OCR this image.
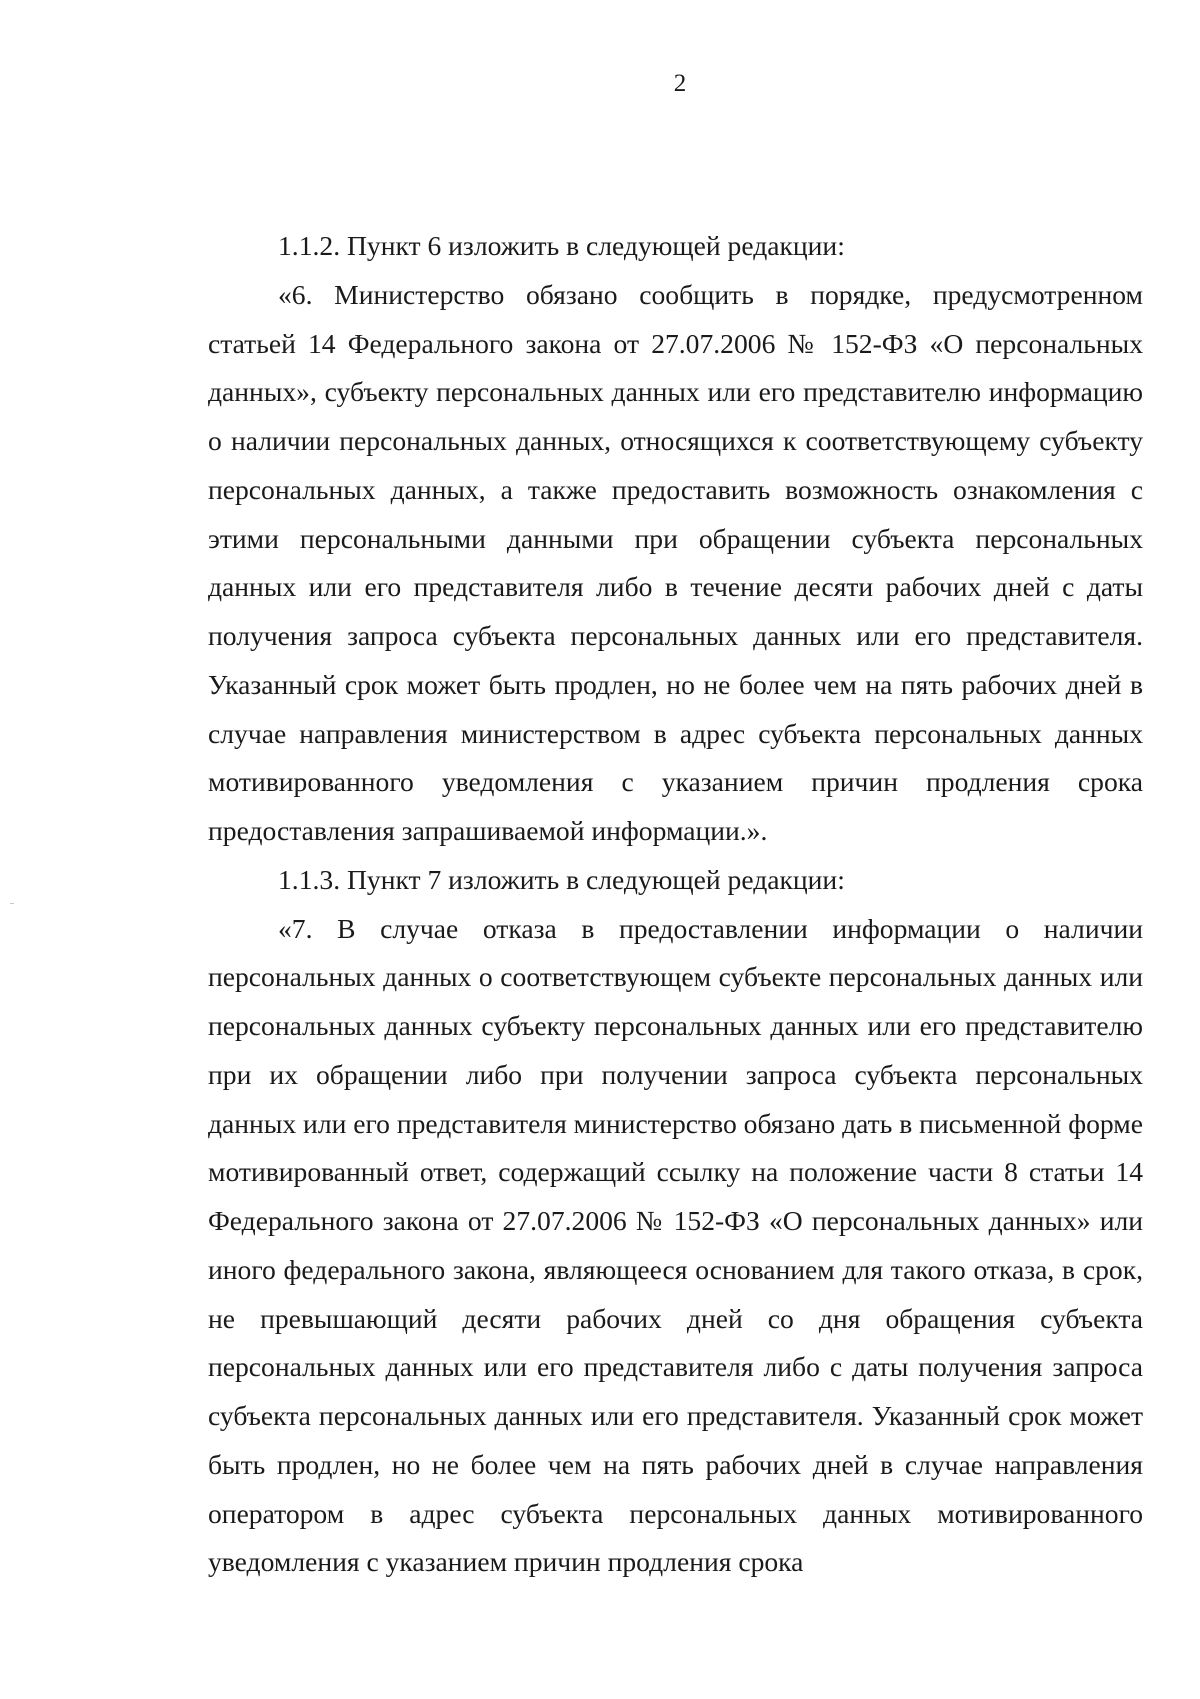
2

1.1.2. Пункт 6 изложить в следующей редакции:

«6. Министерство обязано сообщить в порядке, предусмотренном статьей 14 Федерального закона от 27.07.2006 № 152-ФЗ «О персональных данных», субъекту персональных данных или его представителю информацию о наличии персональных данных, относящихся к соответствующему субъекту персональных данных, а также предоставить возможность ознакомления с этими персональными данными при обращении субъекта персональных данных или его представителя либо в течение десяти рабочих дней с даты получения запроса субъекта персональных данных или его представителя. Указанный срок может быть продлен, но не более чем на пять рабочих дней в случае направления министерством в адрес субъекта персональных данных мотивированного уведомления с указанием причин продления срока предоставления запрашиваемой информации.».

1.1.3. Пункт 7 изложить в следующей редакции:

«7. В случае отказа в предоставлении информации о наличии персональных данных о соответствующем субъекте персональных данных или персональных данных субъекту персональных данных или его представителю при их обращении либо при получении запроса субъекта персональных данных или его представителя министерство обязано дать в письменной форме мотивированный ответ, содержащий ссылку на положение части 8 статьи 14 Федерального закона от 27.07.2006 № 152-ФЗ «О персональных данных» или иного федерального закона, являющееся основанием для такого отказа, в срок, не превышающий десяти рабочих дней со дня обращения субъекта персональных данных или его представителя либо с даты получения запроса субъекта персональных данных или его представителя. Указанный срок может быть продлен, но не более чем на пять рабочих дней в случае направления оператором в адрес субъекта персональных данных мотивированного уведомления с указанием причин продления срока
